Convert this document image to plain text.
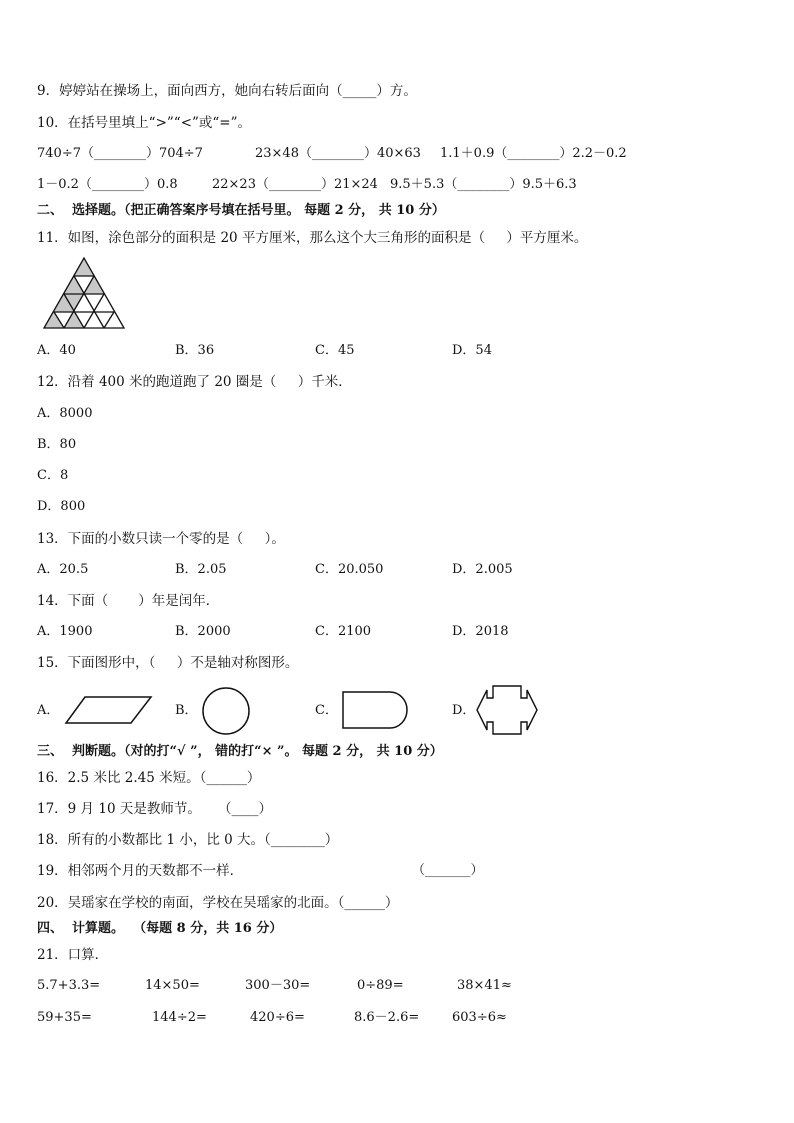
9．婷婷站在操场上，面向西方，她向右转后面向（_____）方。
10．在括号里填上“>”“<”或“=”。
740÷7（________）704÷7	23×48（________）40×63 1.1＋0.9（________）2.2－0.2
1－0.2（________）0.8	22×23（________）21×24 9.5＋5.3（________）9.5＋6.3
二、  选择题。（把正确答案序号填在括号里。 每题 2 分， 共 10 分）
11．如图，涂色部分的面积是 20 平方厘米，那么这个大三角形的面积是（     ）平方厘米。
A．40	B．36	C．45	D．54
12．沿着 400 米的跑道跑了 20 圈是（     ）千米．
A．8000
B．80
C．8
D．800
13．下面的小数只读一个零的是（     ）。
A．20.5	B．2.05	C．20.050	D．2.005
14．下面（       ）年是闰年．
A．1900	B．2000	C．2100	D．2018
15．下面图形中，（     ）不是轴对称图形。
A．	B．	C．	D．
三、  判断题。（对的打“√ ”， 错的打“× ”。 每题 2 分， 共 10 分）
16．2.5 米比 2.45 米短。（______）
17．9 月 10 天是教师节。    （____）
18．所有的小数都比 1 小，比 0 大。（________）
19．相邻两个月的天数都不一样．	（_______）
20．吴瑶家在学校的南面，学校在吴瑶家的北面。（______）
四、  计算题。  （每题 8 分，共 16 分）
21．口算．
5.7+3.3=	14×50=	300－30=	0÷89=	38×41≈
59+35=	144÷2=	420÷6=	8.6－2.6=	603÷6≈
